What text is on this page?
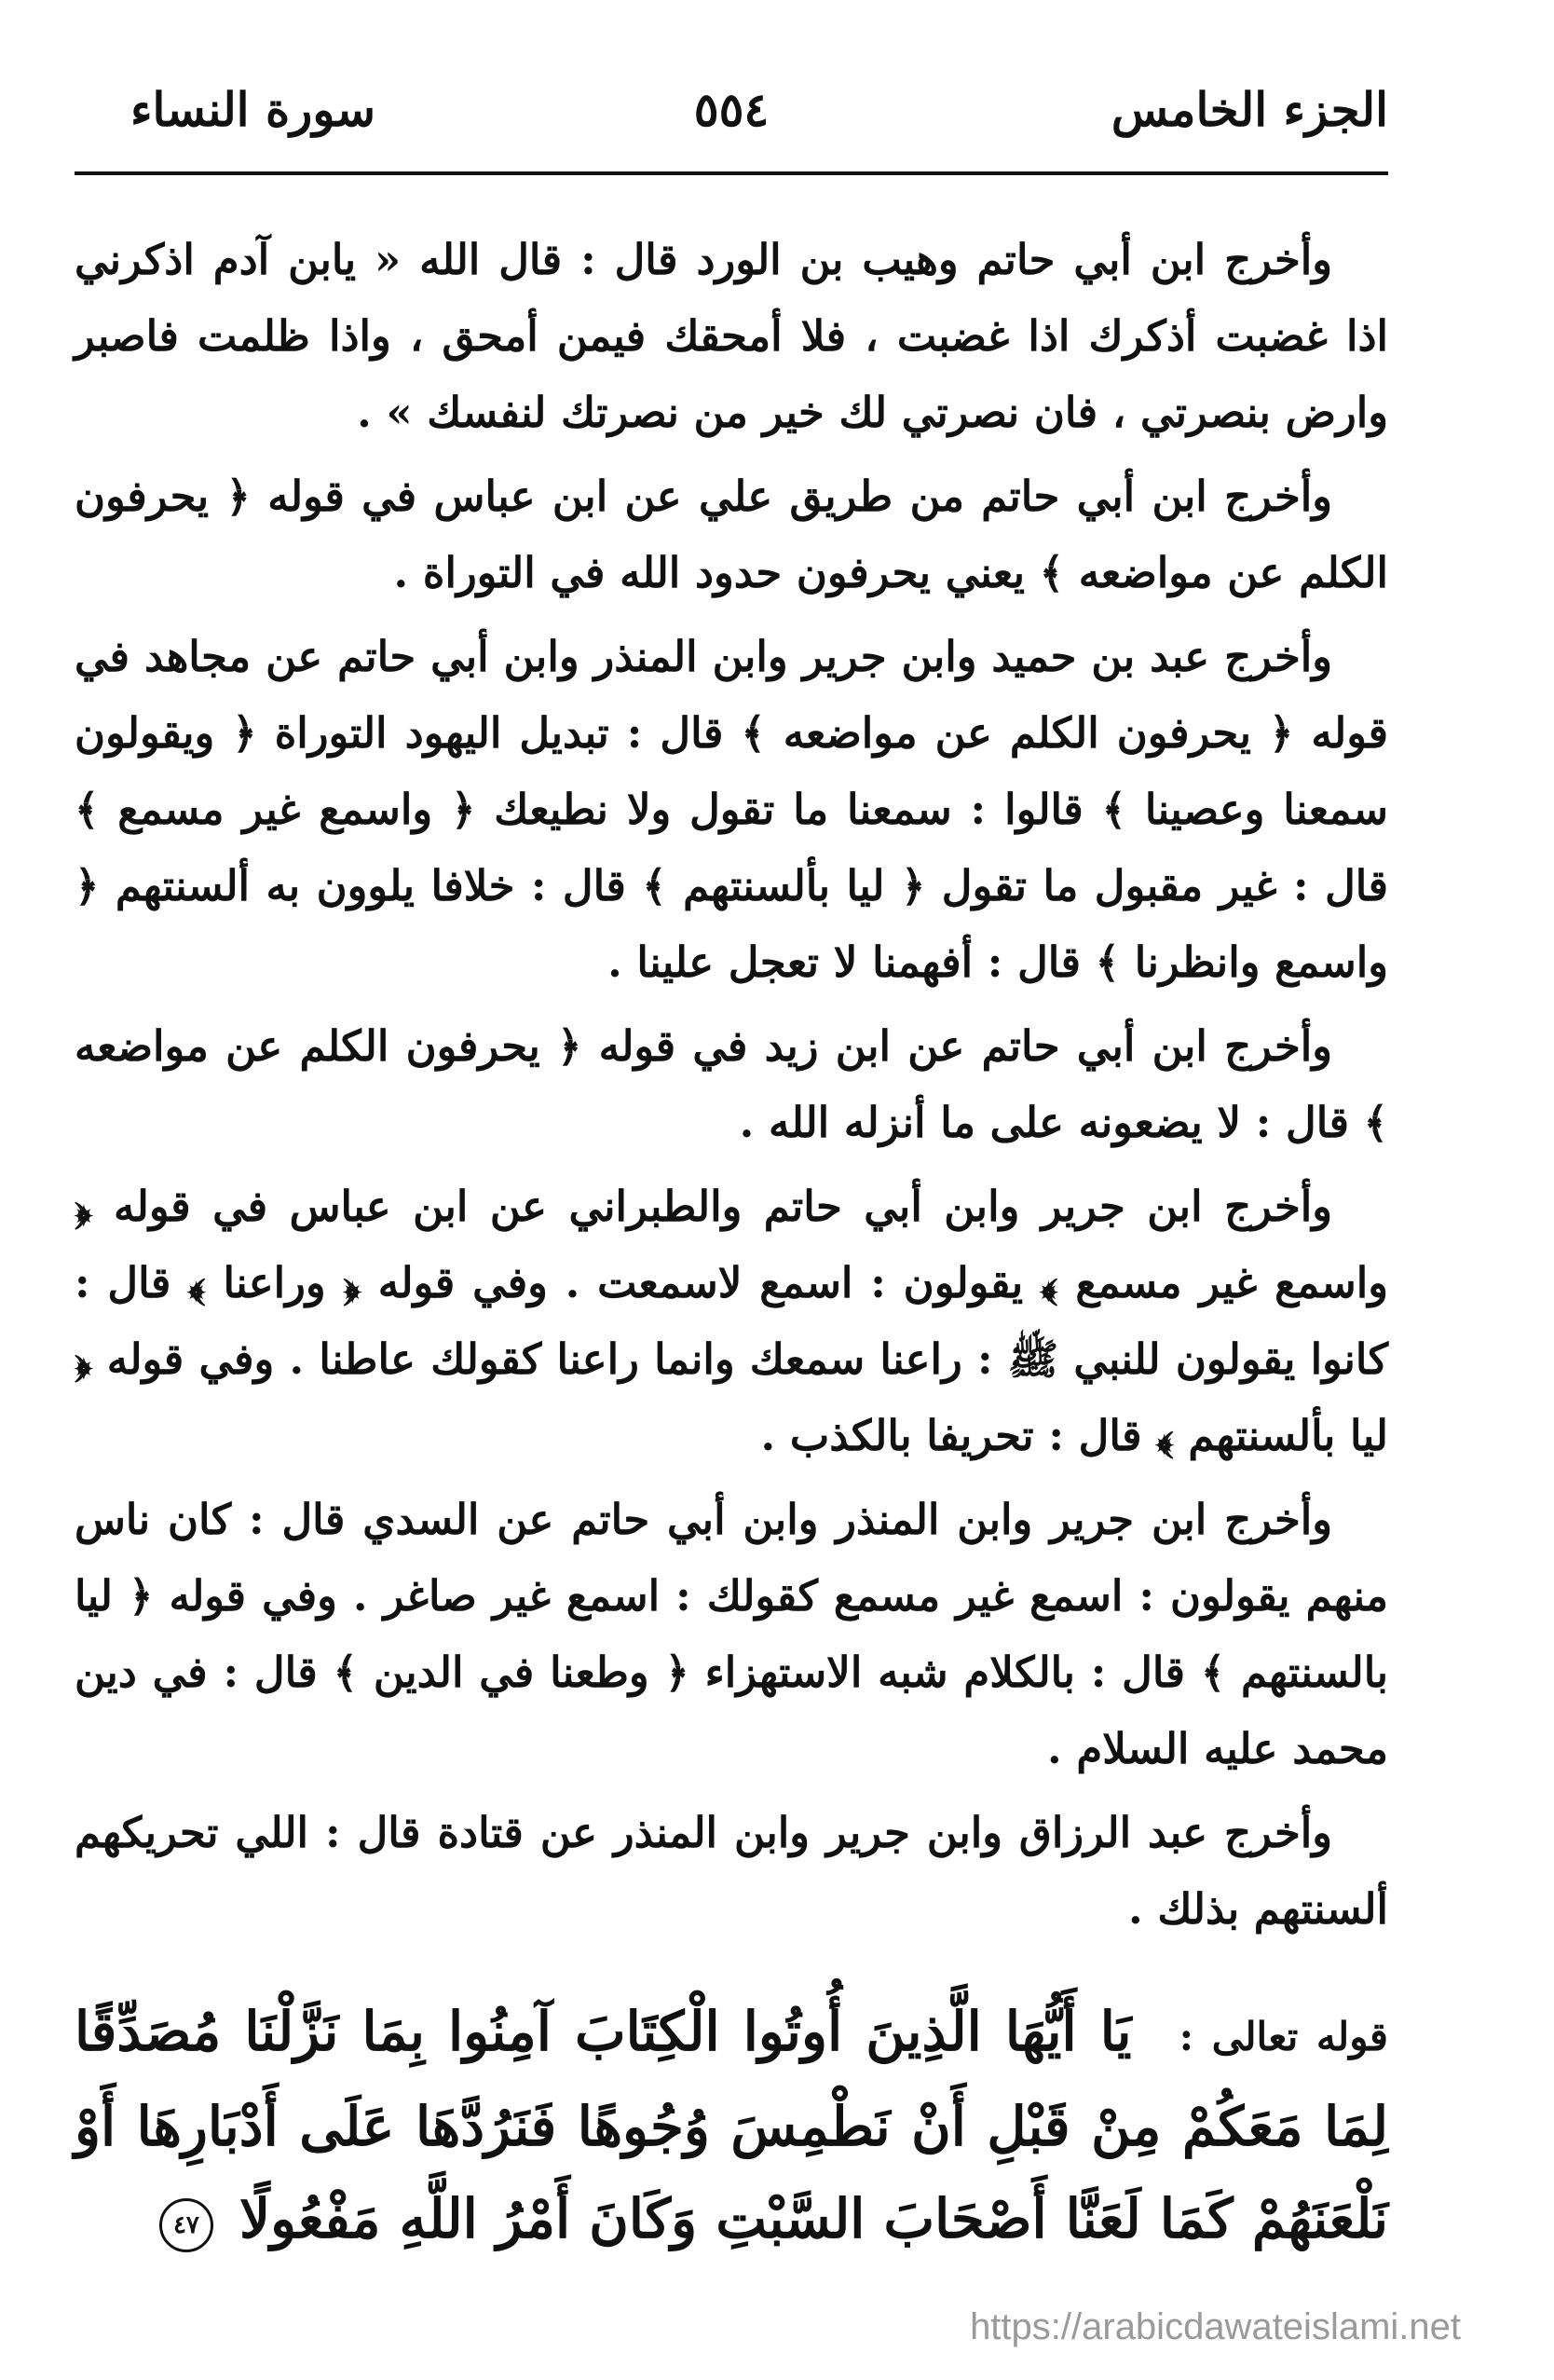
الجزء الخامس
٥٥٤
سورة النساء

وأخرج ابن أبي حاتم وهيب بن الورد قال : قال الله « يابن آدم اذكرني اذا غضبت أذكرك اذا غضبت ، فلا أمحقك فيمن أمحق ، واذا ظلمت فاصبر وارض بنصرتي ، فان نصرتي لك خير من نصرتك لنفسك » .

وأخرج ابن أبي حاتم من طريق علي عن ابن عباس في قوله ﴿ يحرفون الكلم عن مواضعه ﴾ يعني يحرفون حدود الله في التوراة .

وأخرج عبد بن حميد وابن جرير وابن المنذر وابن أبي حاتم عن مجاهد في قوله ﴿ يحرفون الكلم عن مواضعه ﴾ قال : تبديل اليهود التوراة ﴿ ويقولون سمعنا وعصينا ﴾ قالوا : سمعنا ما تقول ولا نطيعك ﴿ واسمع غير مسمع ﴾ قال : غير مقبول ما تقول ﴿ ليا بألسنتهم ﴾ قال : خلافا يلوون به ألسنتهم ﴿ واسمع وانظرنا ﴾ قال : أفهمنا لا تعجل علينا .

وأخرج ابن أبي حاتم عن ابن زيد في قوله ﴿ يحرفون الكلم عن مواضعه ﴾ قال : لا يضعونه على ما أنزله الله .

وأخرج ابن جرير وابن أبي حاتم والطبراني عن ابن عباس في قوله ﴿ واسمع غير مسمع ﴾ يقولون : اسمع لاسمعت . وفي قوله ﴿ وراعنا ﴾ قال : كانوا يقولون للنبي ﷺ : راعنا سمعك وانما راعنا كقولك عاطنا . وفي قوله ﴿ ليا بألسنتهم ﴾ قال : تحريفا بالكذب .

وأخرج ابن جرير وابن المنذر وابن أبي حاتم عن السدي قال : كان ناس منهم يقولون : اسمع غير مسمع كقولك : اسمع غير صاغر . وفي قوله ﴿ ليا بالسنتهم ﴾ قال : بالكلام شبه الاستهزاء ﴿ وطعنا في الدين ﴾ قال : في دين محمد عليه السلام .

وأخرج عبد الرزاق وابن جرير وابن المنذر عن قتادة قال : اللي تحريكهم ألسنتهم بذلك .

قوله تعالى : يَا أَيُّهَا الَّذِينَ أُوتُوا الْكِتَابَ آمِنُوا بِمَا نَزَّلْنَا مُصَدِّقًا لِمَا مَعَكُمْ مِنْ قَبْلِ أَنْ نَطْمِسَ وُجُوهًا فَنَرُدَّهَا عَلَى أَدْبَارِهَا أَوْ نَلْعَنَهُمْ كَمَا لَعَنَّا أَصْحَابَ السَّبْتِ وَكَانَ أَمْرُ اللَّهِ مَفْعُولًا ٤٧
https://arabicdawateislami.net
